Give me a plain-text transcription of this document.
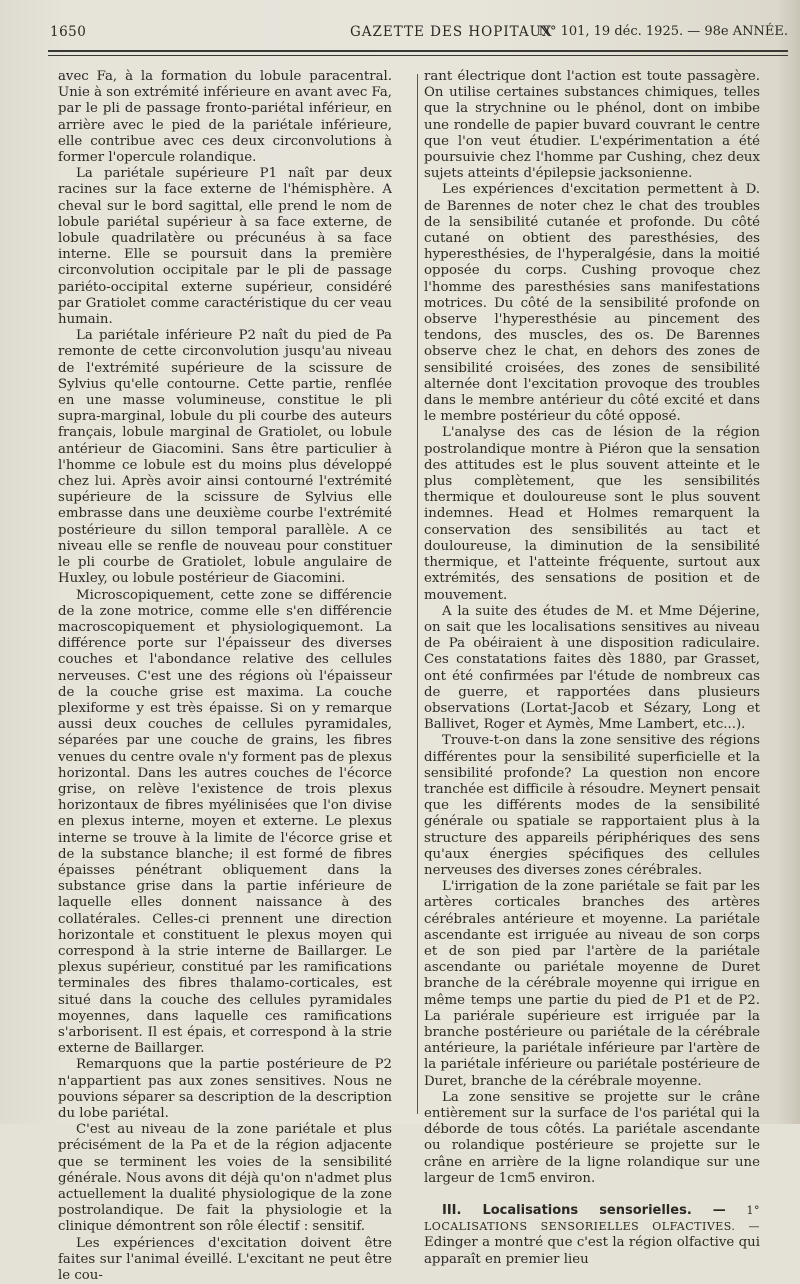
1650	GAZETTE DES HOPITAUX
N° 101, 19 déc. 1925. — 98e ANNÉE.

avec Fa, à la formation du lobule paracentral. Unie à son extrémité inférieure en avant avec Fa, par le pli de passage fronto-pariétal inférieur, en arrière avec le pied de la pariétale inférieure, elle contribue avec ces deux circonvolutions à former l'opercule rolandique.

La pariétale supérieure P1 naît par deux racines sur la face externe de l'hémisphère. A cheval sur le bord sagittal, elle prend le nom de lobule pariétal supérieur à sa face externe, de lobule quadrilatère ou précunéus à sa face interne. Elle se poursuit dans la première circonvolution occipitale par le pli de passage pariéto-occipital externe supérieur, considéré par Gratiolet comme caractéristique du cer veau humain.

La pariétale inférieure P2 naît du pied de Pa remonte de cette circonvolution jusqu'au niveau de l'extrémité supérieure de la scissure de Sylvius qu'elle contourne. Cette partie, renflée en une masse volumineuse, constitue le pli supra-marginal, lobule du pli courbe des auteurs français, lobule marginal de Gratiolet, ou lobule antérieur de Giacomini. Sans être particulier à l'homme ce lobule est du moins plus développé chez lui. Après avoir ainsi contourné l'extrémité supérieure de la scissure de Sylvius elle embrasse dans une deuxième courbe l'extrémité postérieure du sillon temporal parallèle. A ce niveau elle se renfle de nouveau pour constituer le pli courbe de Gratiolet, lobule angulaire de Huxley, ou lobule postérieur de Giacomini.

Microscopiquement, cette zone se différencie de la zone motrice, comme elle s'en différencie macroscopiquement et physiologiquemont. La différence porte sur l'épaisseur des diverses couches et l'abondance relative des cellules nerveuses. C'est une des régions où l'épaisseur de la couche grise est maxima. La couche plexiforme y est très épaisse. Si on y remarque aussi deux couches de cellules pyramidales, séparées par une couche de grains, les fibres venues du centre ovale n'y forment pas de plexus horizontal. Dans les autres couches de l'écorce grise, on relève l'existence de trois plexus horizontaux de fibres myélinisées que l'on divise en plexus interne, moyen et externe. Le plexus interne se trouve à la limite de l'écorce grise et de la substance blanche; il est formé de fibres épaisses pénétrant obliquement dans la substance grise dans la partie inférieure de laquelle elles donnent naissance à des collatérales. Celles-ci prennent une direction horizontale et constituent le plexus moyen qui correspond à la strie interne de Baillarger. Le plexus supérieur, constitué par les ramifications terminales des fibres thalamo-corticales, est situé dans la couche des cellules pyramidales moyennes, dans laquelle ces ramifications s'arborisent. Il est épais, et correspond à la strie externe de Baillarger.

Remarquons que la partie postérieure de P2 n'appartient pas aux zones sensitives. Nous ne pouvions séparer sa description de la description du lobe pariétal.

C'est au niveau de la zone pariétale et plus précisément de la Pa et de la région adjacente que se terminent les voies de la sensibilité générale. Nous avons dit déjà qu'on n'admet plus actuellement la dualité physiologique de la zone postrolandique. De fait la physiologie et la clinique démontrent son rôle électif : sensitif.

Les expériences d'excitation doivent être faites sur l'animal éveillé. L'excitant ne peut être le cou-

rant électrique dont l'action est toute passagère. On utilise certaines substances chimiques, telles que la strychnine ou le phénol, dont on imbibe une rondelle de papier buvard couvrant le centre que l'on veut étudier. L'expérimentation a été poursuivie chez l'homme par Cushing, chez deux sujets atteints d'épilepsie jacksonienne.

Les expériences d'excitation permettent à D. de Barennes de noter chez le chat des troubles de la sensibilité cutanée et profonde. Du côté cutané on obtient des paresthésies, des hyperesthésies, de l'hyperalgésie, dans la moitié opposée du corps. Cushing provoque chez l'homme des paresthésies sans manifestations motrices. Du côté de la sensibilité profonde on observe l'hyperesthésie au pincement des tendons, des muscles, des os. De Barennes observe chez le chat, en dehors des zones de sensibilité croisées, des zones de sensibilité alternée dont l'excitation provoque des troubles dans le membre antérieur du côté excité et dans le membre postérieur du côté opposé.

L'analyse des cas de lésion de la région postrolandique montre à Piéron que la sensation des attitudes est le plus souvent atteinte et le plus complètement, que les sensibilités thermique et douloureuse sont le plus souvent indemnes. Head et Holmes remarquent la conservation des sensibilités au tact et douloureuse, la diminution de la sensibilité thermique, et l'atteinte fréquente, surtout aux extrémités, des sensations de position et de mouvement.

A la suite des études de M. et Mme Déjerine, on sait que les localisations sensitives au niveau de Pa obéiraient à une disposition radiculaire. Ces constatations faites dès 1880, par Grasset, ont été confirmées par l'étude de nombreux cas de guerre, et rapportées dans plusieurs observations (Lortat-Jacob et Sézary, Long et Ballivet, Roger et Aymès, Mme Lambert, etc...).

Trouve-t-on dans la zone sensitive des régions différentes pour la sensibilité superficielle et la sensibilité profonde? La question non encore tranchée est difficile à résoudre. Meynert pensait que les différents modes de la sensibilité générale ou spatiale se rapportaient plus à la structure des appareils périphériques des sens qu'aux énergies spécifiques des cellules nerveuses des diverses zones cérébrales.

L'irrigation de la zone pariétale se fait par les artères corticales branches des artères cérébrales antérieure et moyenne. La pariétale ascendante est irriguée au niveau de son corps et de son pied par l'artère de la pariétale ascendante ou pariétale moyenne de Duret branche de la cérébrale moyenne qui irrigue en même temps une partie du pied de P1 et de P2. La pariérale supérieure est irriguée par la branche postérieure ou pariétale de la cérébrale antérieure, la pariétale inférieure par l'artère de la pariétale inférieure ou pariétale postérieure de Duret, branche de la cérébrale moyenne.

La zone sensitive se projette sur le crâne entièrement sur la surface de l'os pariétal qui la déborde de tous côtés. La pariétale ascendante ou rolandique postérieure se projette sur le crâne en arrière de la ligne rolandique sur une largeur de 1cm5 environ.

III. Localisations sensorielles. — 1° LOCALISATIONS SENSORIELLES OLFACTIVES. — Edinger a montré que c'est la région olfactive qui apparaît en premier lieu
